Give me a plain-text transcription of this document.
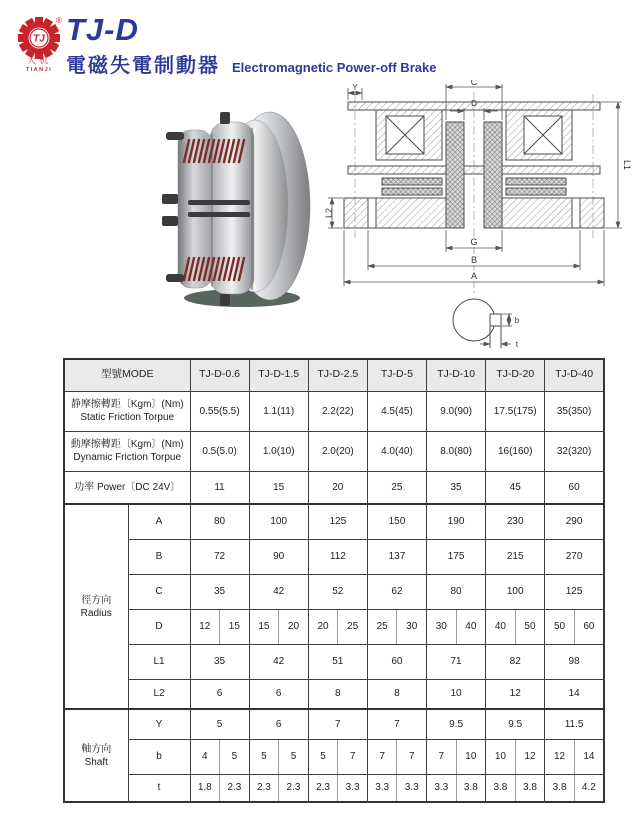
TJ
®
天机
TIANJI
TJ-D
電磁失電制動器 Electromagnetic Power-off Brake
Y
C
D
L1
L2
G
B
A
b
t
型號MODE		TJ-D-0.6		TJ-D-1.5		TJ-D-2.5		TJ-D-5		TJ-D-10		TJ-D-20		TJ-D-40	
静摩擦轉距〔Kgm〕(Nm)
Static Friction Torpue		0.55(5.5)		1.1(11)		2.2(22)		4.5(45)		9.0(90)		17.5(175)		35(350)	
動摩擦轉距〔Kgm〕(Nm)
Dynamic Friction Torpue		0.5(5.0)		1.0(10)		2.0(20)		4.0(40)		8.0(80)		16(160)		32(320)	
功率 Power〔DC 24V〕		11		15		20		25		35		45		60	
徑方向
Radius	A	80		100		125		150		190		230		290	
	B	72		90		112		137		175		215		270	
	C	35		42		52		62		80		100		125	
	D	12	15	15	20	20	25	25	30	30	40	40	50	50	60
	L1	35		42		51		60		71		82		98	
	L2	6		6		8		8		10		12		14	
軸方向
Shaft	Y	5		6		7		7		9.5		9.5		11.5	
	b	4	5	5	5	5	7	7	7	7	10	10	12	12	14
	t	1.8	2.3	2.3	2.3	2.3	3.3	3.3	3.3	3.3	3.8	3.8	3.8	3.8	4.2
